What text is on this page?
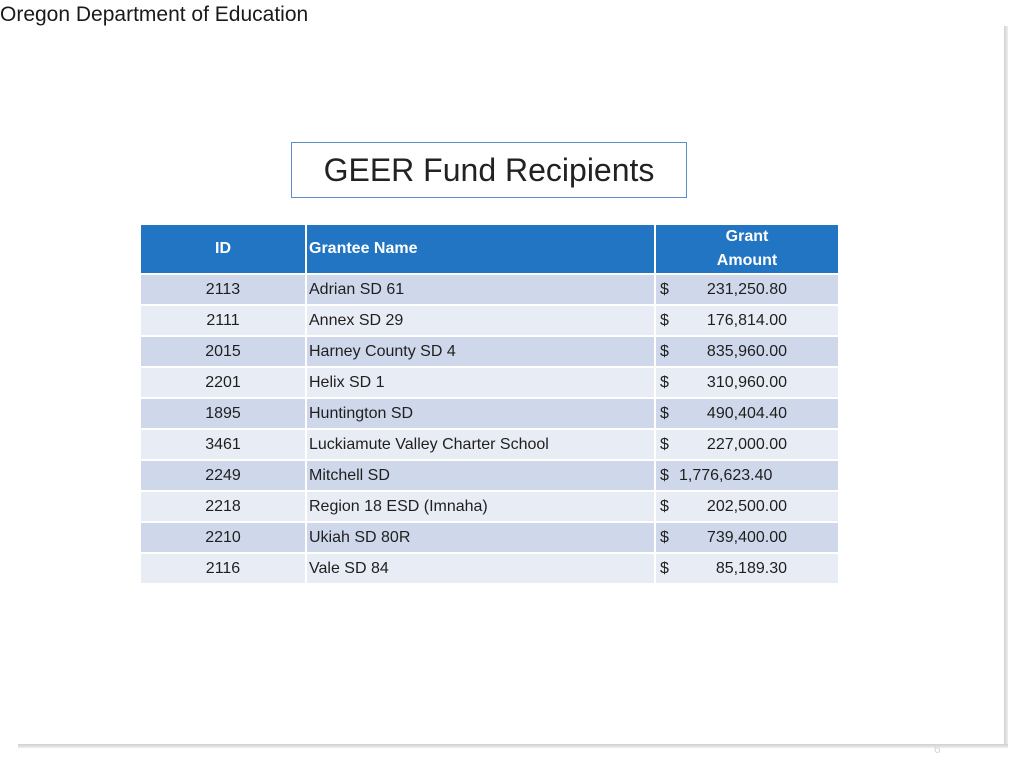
Oregon Department of Education
6
GEER Fund Recipients
ID	Grantee Name	Grant
Amount

2113	Adrian SD 61	$ 231,250.80

2111	Annex SD 29	$ 176,814.00

2015	Harney County SD 4	$ 835,960.00

2201	Helix SD 1	$ 310,960.00

1895	Huntington SD	$ 490,404.40

3461	Luckiamute Valley Charter School	$ 227,000.00

2249	Mitchell SD	$ 1,776,623.40

2218	Region 18 ESD (Imnaha)	$ 202,500.00

2210	Ukiah SD 80R	$ 739,400.00

2116	Vale SD 84	$ 85,189.30
